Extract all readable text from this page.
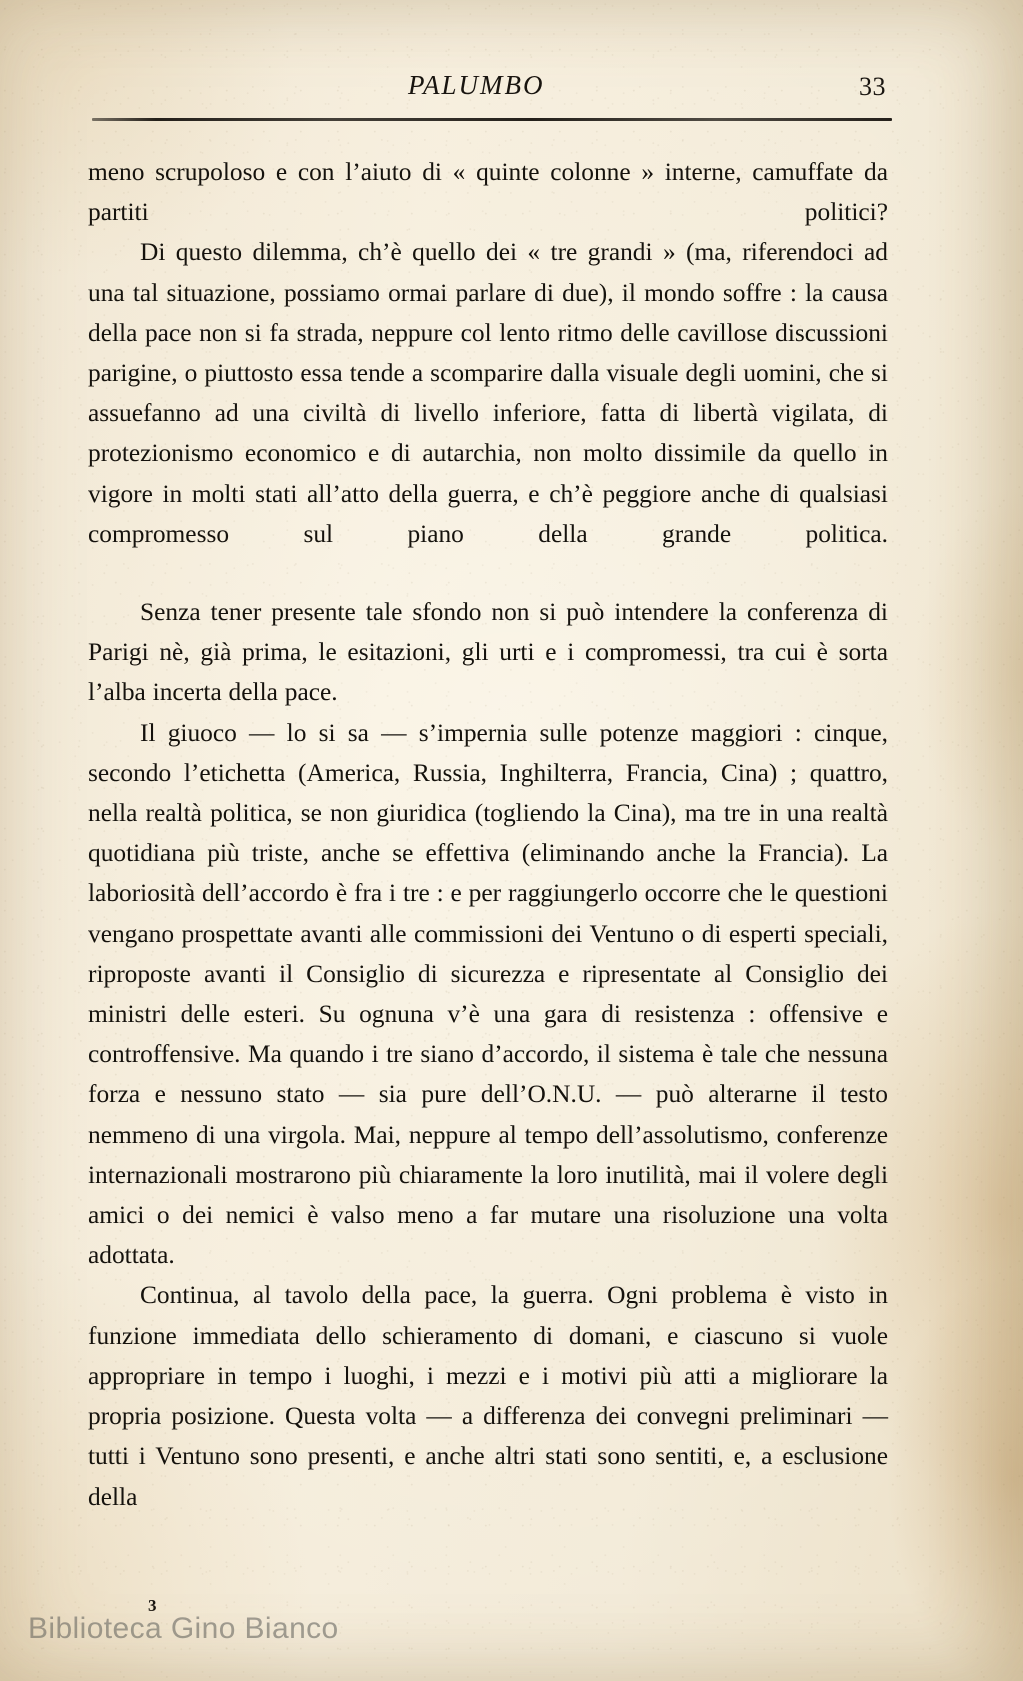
PALUMBO	33

meno scrupoloso e con l’aiuto di « quinte colonne » interne, camuffate da partiti politici?

Di questo dilemma, ch’è quello dei « tre grandi » (ma, riferendoci ad una tal situazione, possiamo ormai parlare di due), il mondo soffre : la causa della pace non si fa strada, neppure col lento ritmo delle cavillose discussioni parigine, o piuttosto essa tende a scomparire dalla visuale degli uomini, che si assuefanno ad una civiltà di livello inferiore, fatta di libertà vigilata, di protezionismo economico e di autarchia, non molto dissimile da quello in vigore in molti stati all’atto della guerra, e ch’è peggiore anche di qualsiasi compromesso sul piano della grande politica.

Senza tener presente tale sfondo non si può intendere la conferenza di Parigi nè, già prima, le esitazioni, gli urti e i compromessi, tra cui è sorta l’alba incerta della pace.

Il giuoco — lo si sa — s’impernia sulle potenze maggiori : cinque, secondo l’etichetta (America, Russia, Inghilterra, Francia, Cina) ; quattro, nella realtà politica, se non giuridica (togliendo la Cina), ma tre in una realtà quotidiana più triste, anche se effettiva (eliminando anche la Francia). La laboriosità dell’accordo è fra i tre : e per raggiungerlo occorre che le questioni vengano prospettate avanti alle commissioni dei Ventuno o di esperti speciali, riproposte avanti il Consiglio di sicurezza e ripresentate al Consiglio dei ministri delle esteri. Su ognuna v’è una gara di resistenza : offensive e controffensive. Ma quando i tre siano d’accordo, il sistema è tale che nessuna forza e nessuno stato — sia pure dell’O.N.U. — può alterarne il testo nemmeno di una virgola. Mai, neppure al tempo dell’assolutismo, conferenze internazionali mostrarono più chiaramente la loro inutilità, mai il volere degli amici o dei nemici è valso meno a far mutare una risoluzione una volta adottata.

Continua, al tavolo della pace, la guerra. Ogni problema è visto in funzione immediata dello schieramento di domani, e ciascuno si vuole appropriare in tempo i luoghi, i mezzi e i motivi più atti a migliorare la propria posizione. Questa volta — a differenza dei convegni preliminari — tutti i Ventuno sono presenti, e anche altri stati sono sentiti, e, a esclusione della

3
Biblioteca Gino Bianco
